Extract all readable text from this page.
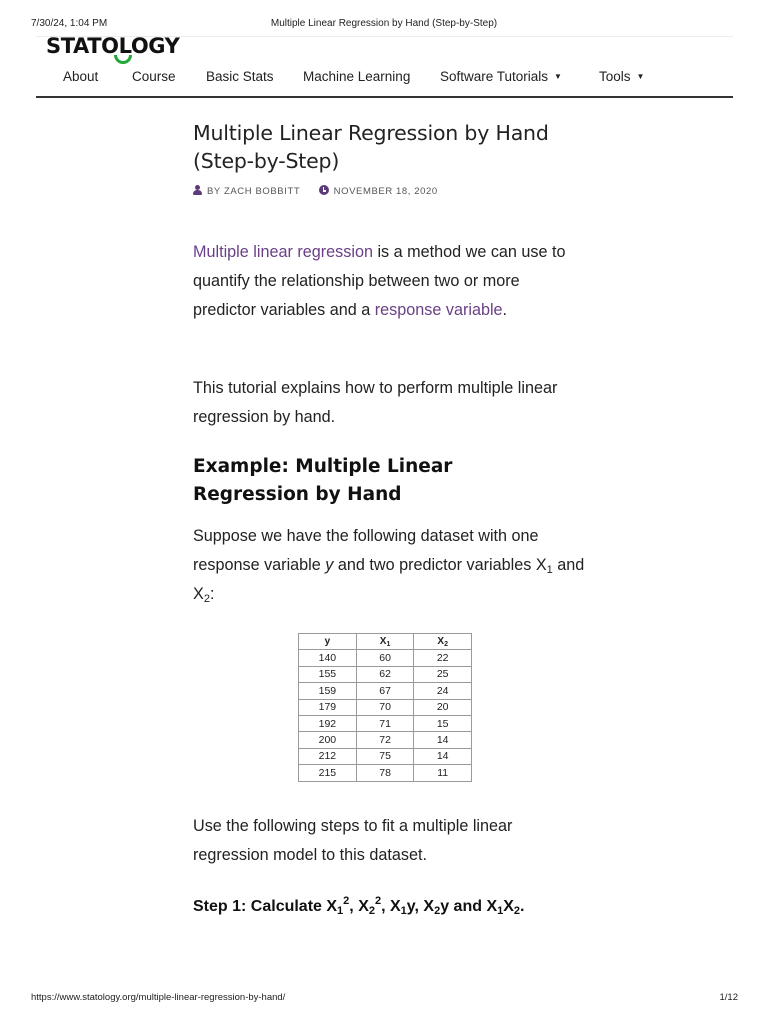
7/30/24, 1:04 PM	Multiple Linear Regression by Hand (Step-by-Step)
STATOLOGY
About Course Basic Stats Machine Learning Software Tutorials ▼	Tools ▼
Multiple Linear Regression by Hand (Step-by-Step)
BY ZACH BOBBITT	NOVEMBER 18, 2020

Multiple linear regression is a method we can use to quantify the relationship between two or more predictor variables and a response variable.

This tutorial explains how to perform multiple linear regression by hand.

Example: Multiple Linear Regression by Hand

Suppose we have the following dataset with one response variable y and two predictor variables $X_1$ and $X_2$:

y	$X_1$	$X_2$
140	60	22
155	62	25
159	67	24
179	70	20
192	71	15
200	72	14
212	75	14
215	78	11

Use the following steps to fit a multiple linear regression model to this dataset.

Step 1: Calculate $X_1^2$, $X_2^2$, $X_1y$, $X_2y$ and $X_1X_2$.

https://www.statology.org/multiple-linear-regression-by-hand/	1/12
